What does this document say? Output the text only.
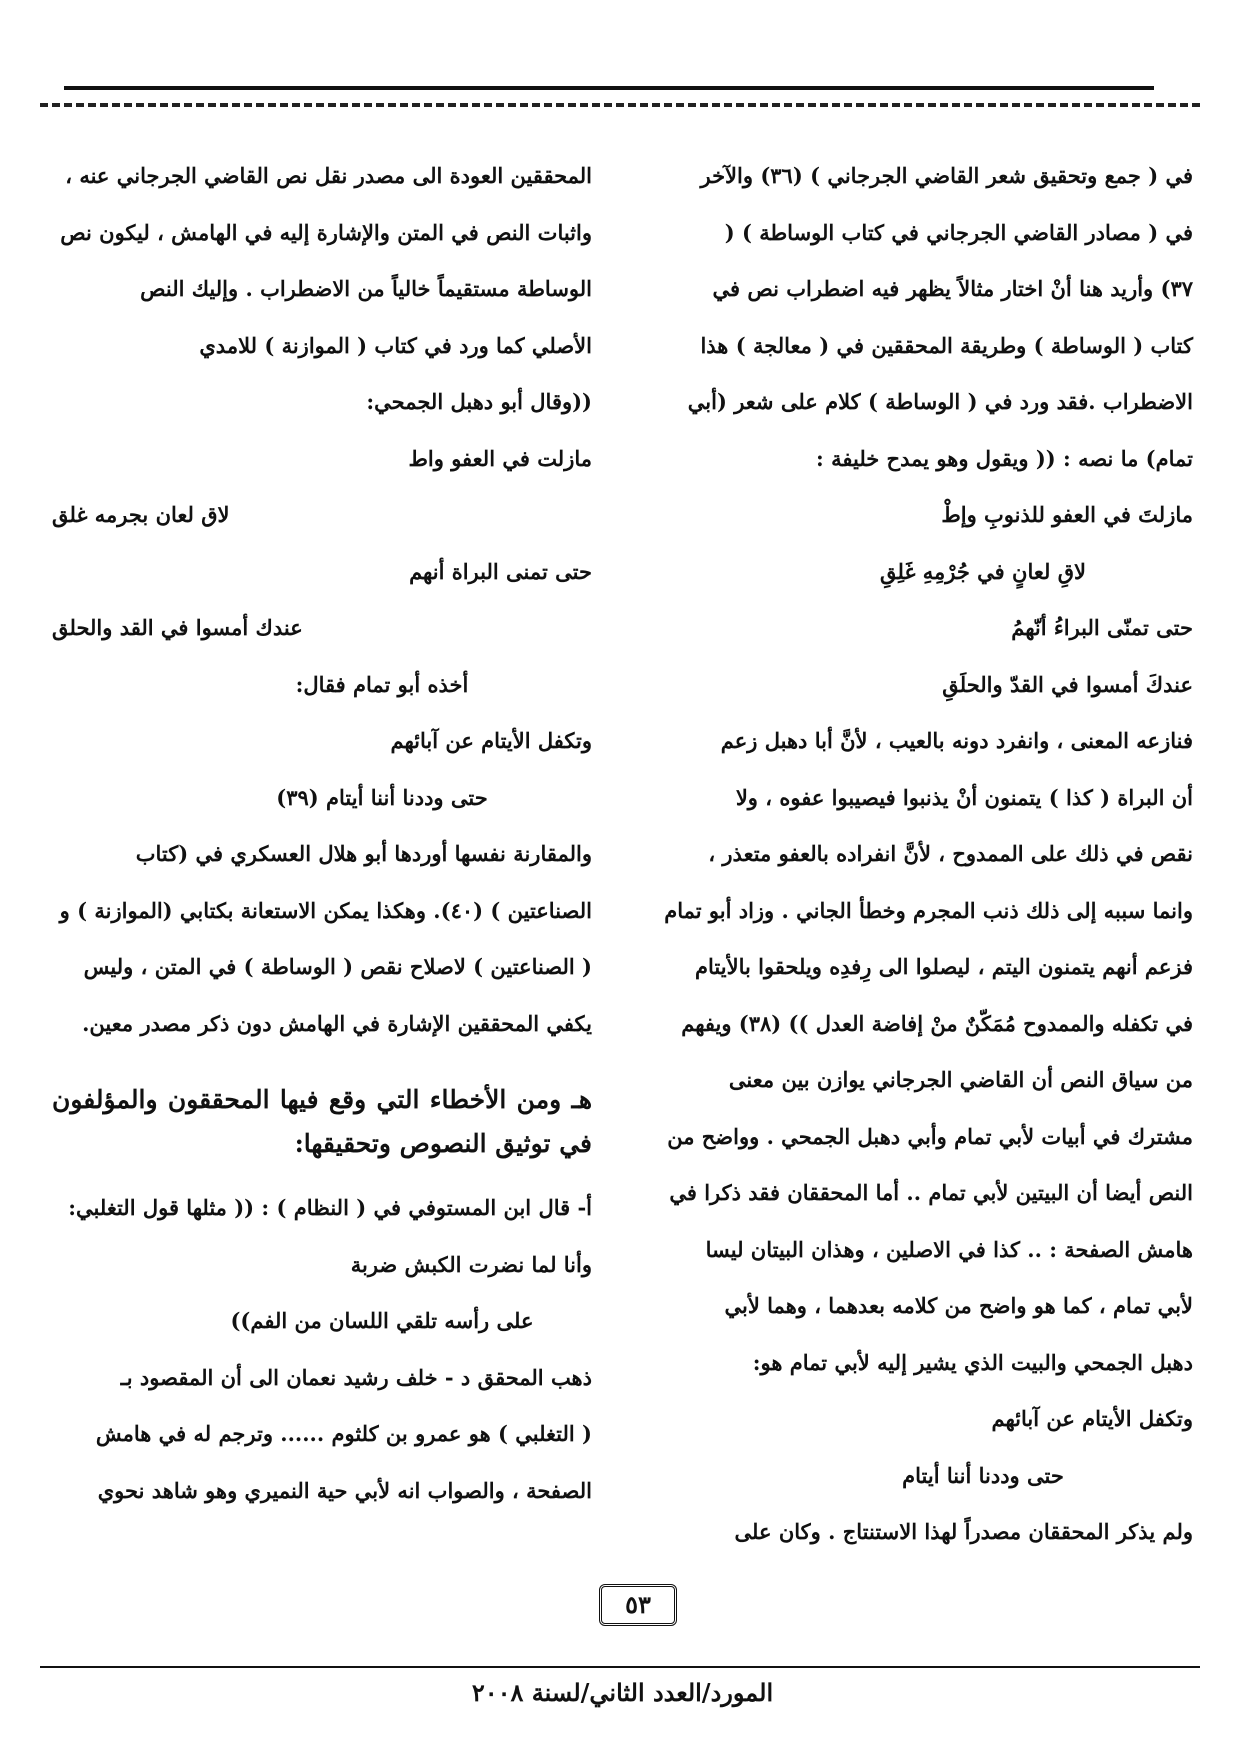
في ( جمع وتحقيق شعر القاضي الجرجاني ) (٣٦) والآخر

في ( مصادر القاضي الجرجاني في كتاب الوساطة ) (

٣٧) وأريد هنا أنْ اختار مثالاً يظهر فيه اضطراب نص في

كتاب ( الوساطة ) وطريقة المحققين في ( معالجة ) هذا

الاضطراب .فقد ورد في ( الوساطة ) كلام على شعر (أبي

تمام) ما نصه : (( ويقول وهو يمدح خليفة :

مازلتَ في العفو للذنوبِ وإطْ

لاقِ لعانٍ في جُرْمِهِ غَلِقِ

حتى تمنّى البراءُ أنّهمُ

عندكَ أمسوا في القدّ والحلَقِ

فنازعه المعنى ، وانفرد دونه بالعيب ، لأنَّ أبا دهبل زعم

أن البراة ( كذا ) يتمنون أنْ يذنبوا فيصيبوا عفوه ، ولا

نقص في ذلك على الممدوح ، لأنَّ انفراده بالعفو متعذر ،

وانما سببه إلى ذلك ذنب المجرم وخطأ الجاني . وزاد أبو تمام

فزعم أنهم يتمنون اليتم ، ليصلوا الى رِفدِه ويلحقوا بالأيتام

في تكفله والممدوح مُمَكّنٌ منْ إفاضة العدل )) (٣٨) ويفهم

من سياق النص أن القاضي الجرجاني يوازن بين معنى

مشترك في أبيات لأبي تمام وأبي دهبل الجمحي . وواضح من

النص أيضا أن البيتين لأبي تمام .. أما المحققان فقد ذكرا في

هامش الصفحة : .. كذا في الاصلين ، وهذان البيتان ليسا

لأبي تمام ، كما هو واضح من كلامه بعدهما ، وهما لأبي

دهبل الجمحي والبيت الذي يشير إليه لأبي تمام هو:

وتكفل الأيتام عن آبائهم

حتى وددنا أننا أيتام

ولم يذكر المحققان مصدراً لهذا الاستنتاج . وكان على

المحققين العودة الى مصدر نقل نص القاضي الجرجاني عنه ،

واثبات النص في المتن والإشارة إليه في الهامش ، ليكون نص

الوساطة مستقيماً خالياً من الاضطراب . وإليك النص

الأصلي كما ورد في كتاب ( الموازنة ) للامدي

((وقال أبو دهبل الجمحي:

مازلت في العفو واط

لاق لعان بجرمه غلق

حتى تمنى البراة أنهم

عندك أمسوا في القد والحلق

أخذه أبو تمام فقال:

وتكفل الأيتام عن آبائهم

حتى وددنا أننا أيتام (٣٩)

والمقارنة نفسها أوردها أبو هلال العسكري في (كتاب

الصناعتين ) (٤٠). وهكذا يمكن الاستعانة بكتابي (الموازنة ) و

( الصناعتين ) لاصلاح نقص ( الوساطة ) في المتن ، وليس

يكفي المحققين الإشارة في الهامش دون ذكر مصدر معين.

هـ ومن الأخطاء التي وقع فيها المحققون والمؤلفون في توثيق النصوص وتحقيقها:

أ- قال ابن المستوفي في ( النظام ) : (( مثلها قول التغلبي:

وأنا لما نضرت الكبش ضربة

على رأسه تلقي اللسان من الفم))

ذهب المحقق د - خلف رشيد نعمان الى أن المقصود بـ

( التغلبي ) هو عمرو بن كلثوم ...... وترجم له في هامش

الصفحة ، والصواب انه لأبي حية النميري وهو شاهد نحوي

٥٣
المورد/العدد الثاني/لسنة ٢٠٠٨
